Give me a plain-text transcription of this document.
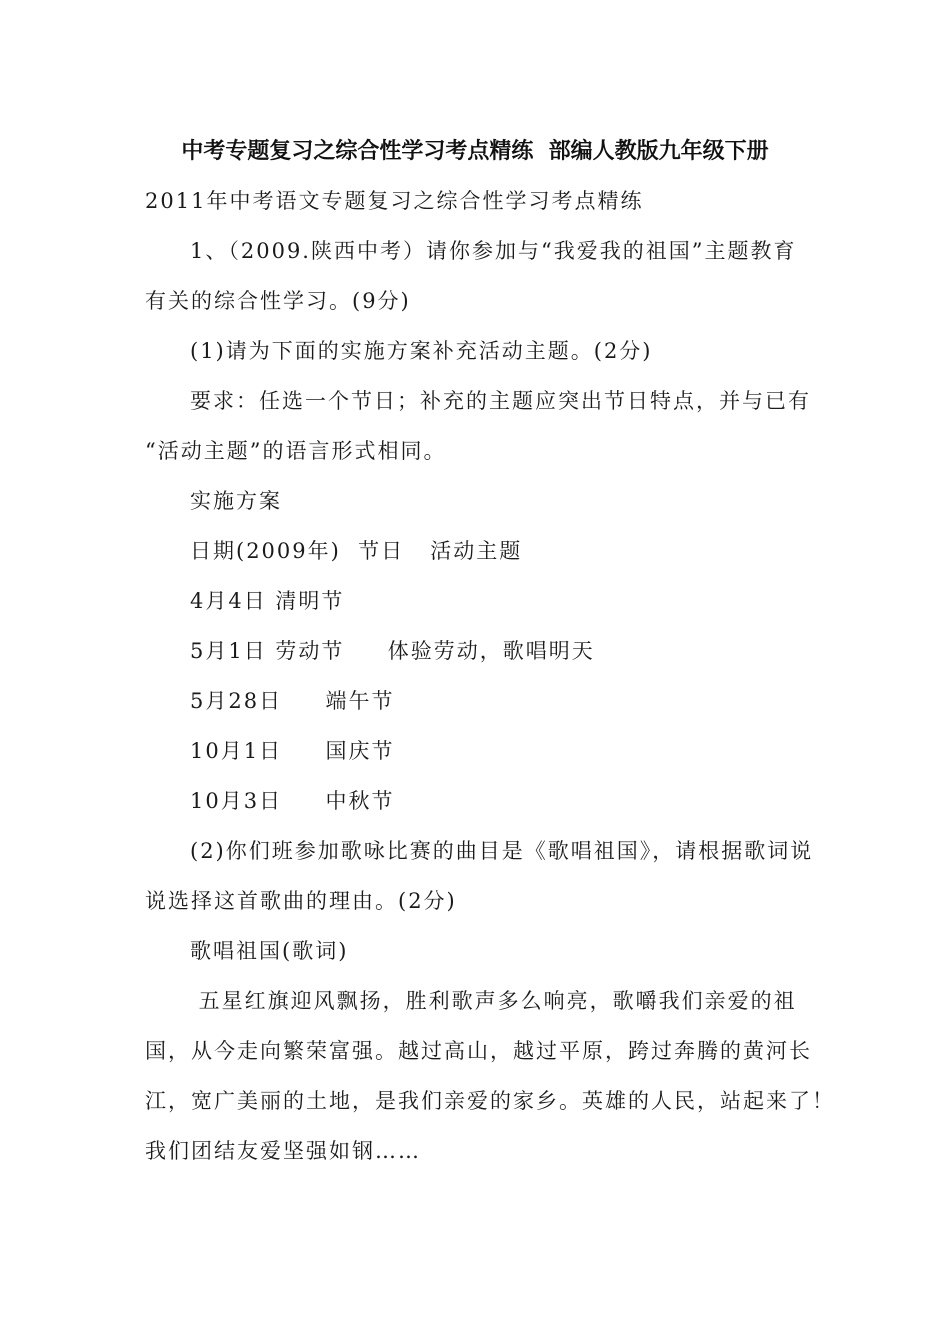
中考专题复习之综合性学习考点精练  部编人教版九年级下册
2011年中考语文专题复习之综合性学习考点精练
1、（2009.陕西中考）请你参加与“我爱我的祖国”主题教育
有关的综合性学习。(9分)
(1)请为下面的实施方案补充活动主题。(2分)
要求：任选一个节日；补充的主题应突出节日特点，并与已有
“活动主题”的语言形式相同。
实施方案
日期(2009年)  节日   活动主题
4月4日 清明节
5月1日 劳动节     体验劳动，歌唱明天
5月28日     端午节
10月1日     国庆节
10月3日     中秋节
(2)你们班参加歌咏比赛的曲目是《歌唱祖国》，请根据歌词说
说选择这首歌曲的理由。(2分)
歌唱祖国(歌词)
五星红旗迎风飘扬，胜利歌声多么响亮，歌嚼我们亲爱的祖
国，从今走向繁荣富强。越过高山，越过平原，跨过奔腾的黄河长
江，宽广美丽的土地，是我们亲爱的家乡。英雄的人民，站起来了！
我们团结友爱坚强如钢……
